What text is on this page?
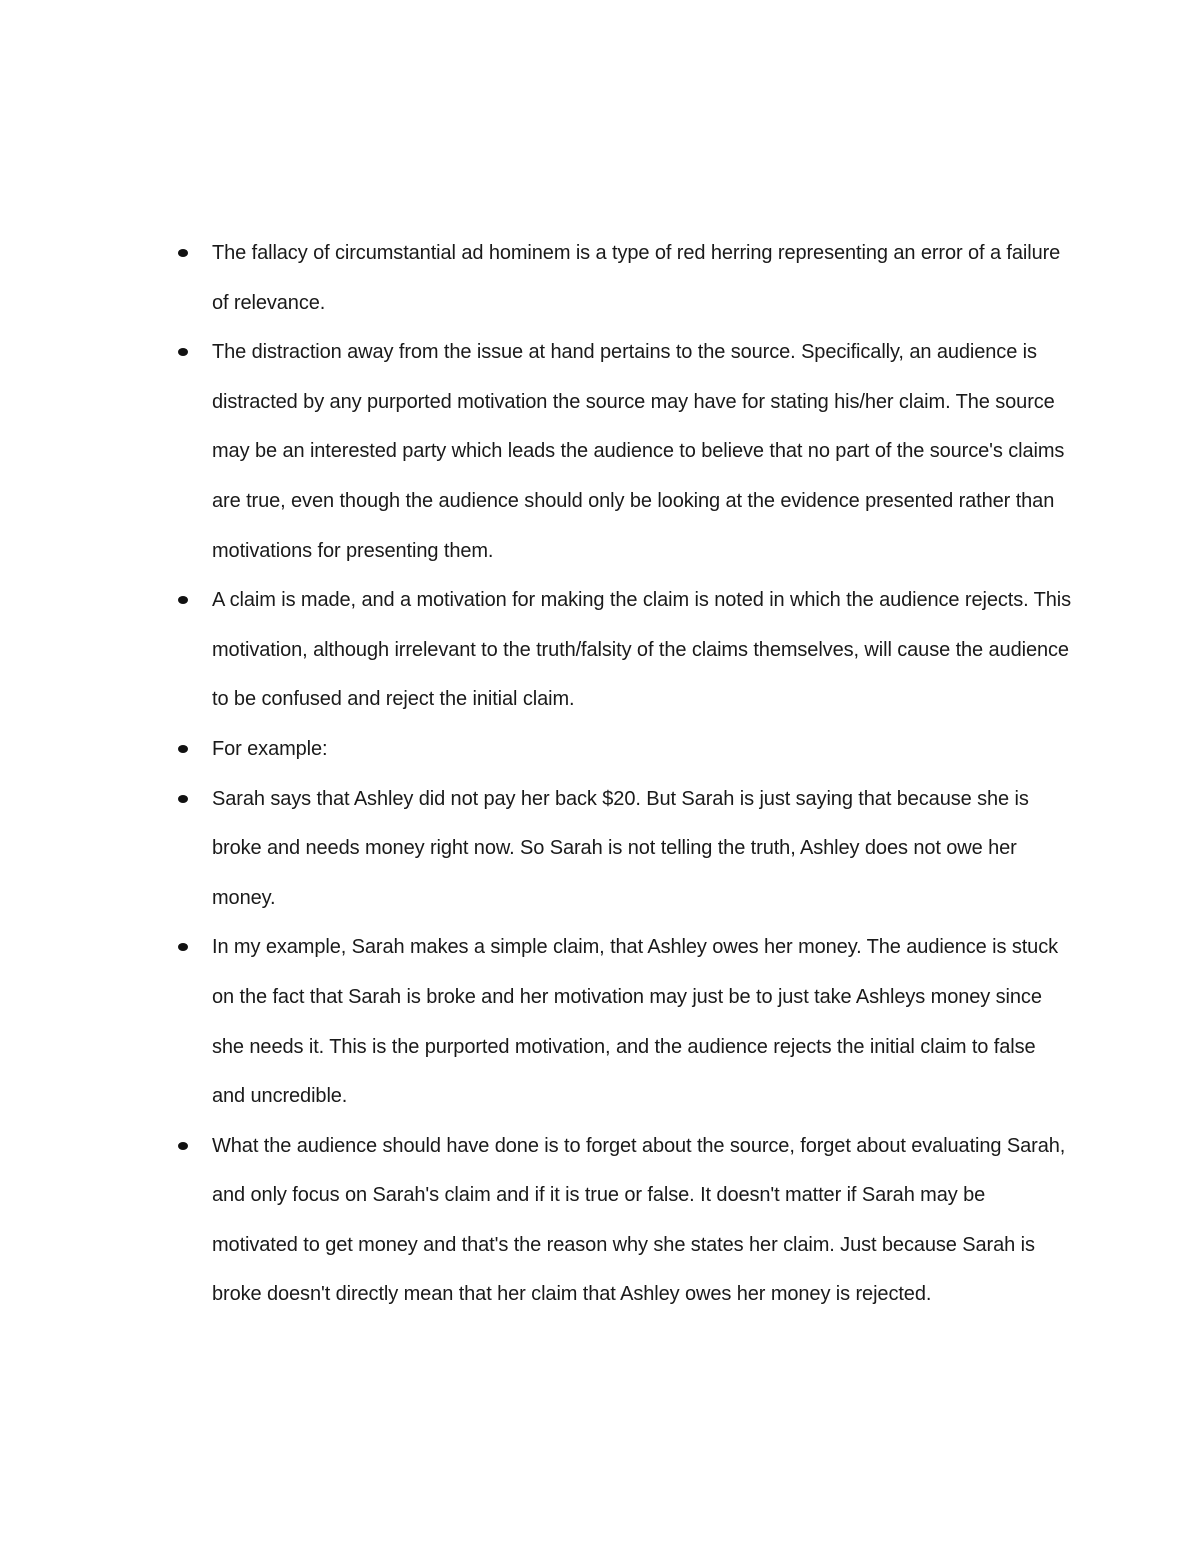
The fallacy of circumstantial ad hominem is a type of red herring representing an error of a failure of relevance.
The distraction away from the issue at hand pertains to the source. Specifically, an audience is distracted by any purported motivation the source may have for stating his/her claim. The source may be an interested party which leads the audience to believe that no part of the source's claims are true, even though the audience should only be looking at the evidence presented rather than motivations for presenting them.
A claim is made, and a motivation for making the claim is noted in which the audience rejects. This motivation, although irrelevant to the truth/falsity of the claims themselves, will cause the audience to be confused and reject the initial claim.
For example:
Sarah says that Ashley did not pay her back $20. But Sarah is just saying that because she is broke and needs money right now. So Sarah is not telling the truth, Ashley does not owe her money.
In my example, Sarah makes a simple claim, that Ashley owes her money. The audience is stuck on the fact that Sarah is broke and her motivation may just be to just take Ashleys money since she needs it. This is the purported motivation, and the audience rejects the initial claim to false and uncredible.
What the audience should have done is to forget about the source, forget about evaluating Sarah, and only focus on Sarah's claim and if it is true or false. It doesn't matter if Sarah may be motivated to get money and that's the reason why she states her claim. Just because Sarah is broke doesn't directly mean that her claim that Ashley owes her money is rejected.
